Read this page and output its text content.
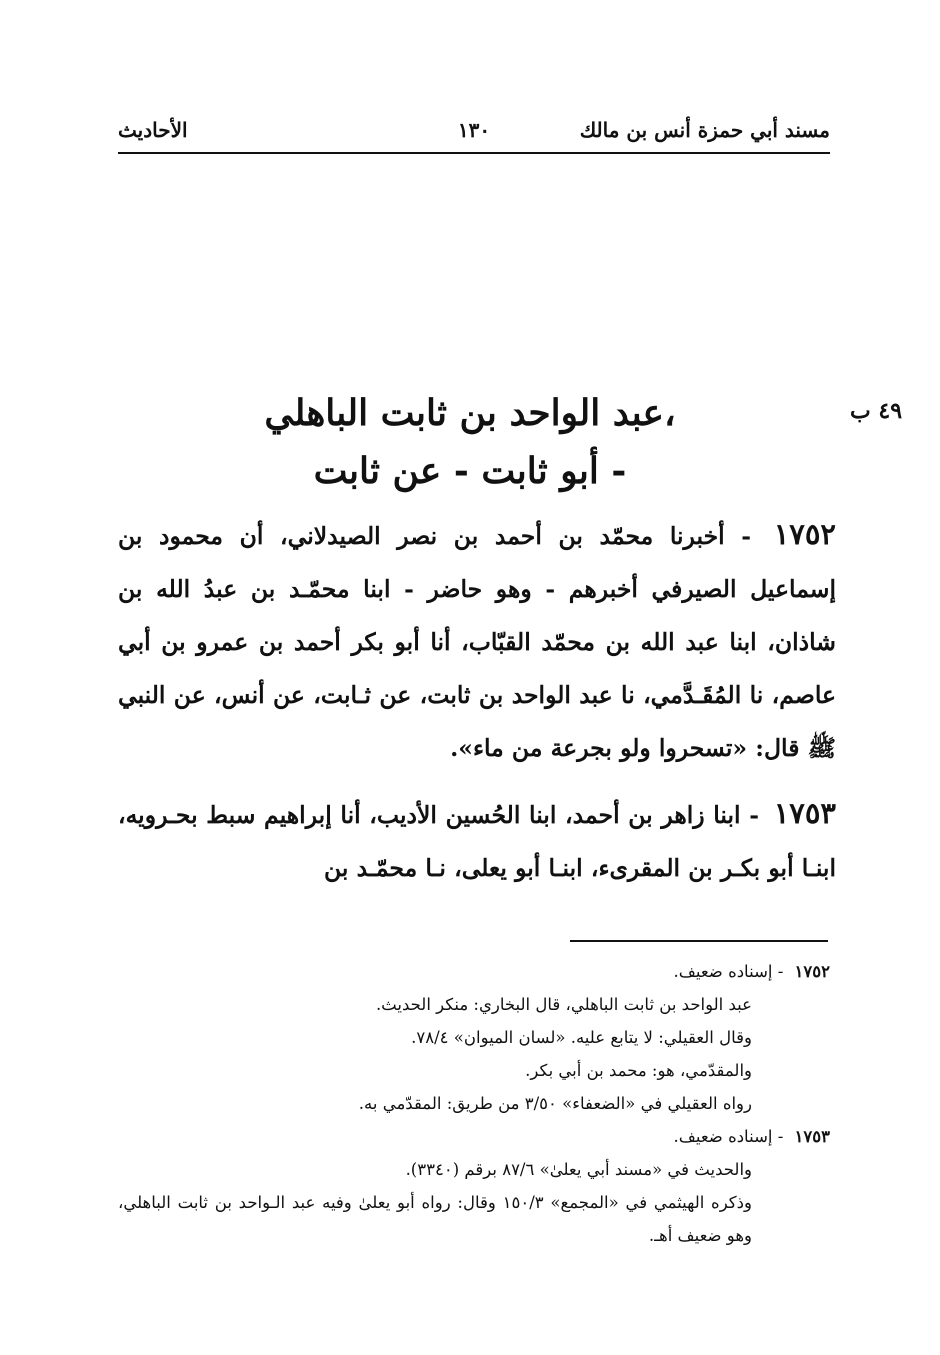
مسند أبي حمزة أنس بن مالك
١٣٠
الأحاديث
٤٩ ب
،عبد الواحد بن ثابت الباهلي
- أبو ثابت - عن ثابت

١٧٥٢ - أخبرنا محمّد بن أحمد بن نصر الصيدلاني، أن محمود بن إسماعيل الصيرفي أخبرهم - وهو حاضر - ابنا محمّـد بن عبدُ الله بن شاذان، ابنا عبد الله بن محمّد القبّاب، أنا أبو بكر أحمد بن عمرو بن أبي عاصم، نا المُقَـدَّمي، نا عبد الواحد بن ثابت، عن ثـابت، عن أنس، عن النبي ﷺ قال: «تسحروا ولو بجرعة من ماء».

١٧٥٣ - ابنا زاهر بن أحمد، ابنا الحُسين الأديب، أنا إبراهيم سبط بحـرويه، ابنـا أبو بكـر بن المقرىء، ابنـا أبو يعلى، نـا محمّـد بن

١٧٥٢ - إسناده ضعيف.
عبد الواحد بن ثابت الباهلي، قال البخاري: منكر الحديث.
وقال العقيلي: لا يتابع عليه. «لسان الميوان» ٧٨/٤.
والمقدّمي، هو: محمد بن أبي بكر.
رواه العقيلي في «الضعفاء» ٣/٥٠ من طريق: المقدّمي به.
١٧٥٣ - إسناده ضعيف.
والحديث في «مسند أبي يعلىٰ» ٨٧/٦ برقم (٣٣٤٠).
وذكره الهيثمي في «المجمع» ١٥٠/٣ وقال: رواه أبو يعلىٰ وفيه عبد الـواحد بن ثابت الباهلي، وهو ضعيف أهـ.
